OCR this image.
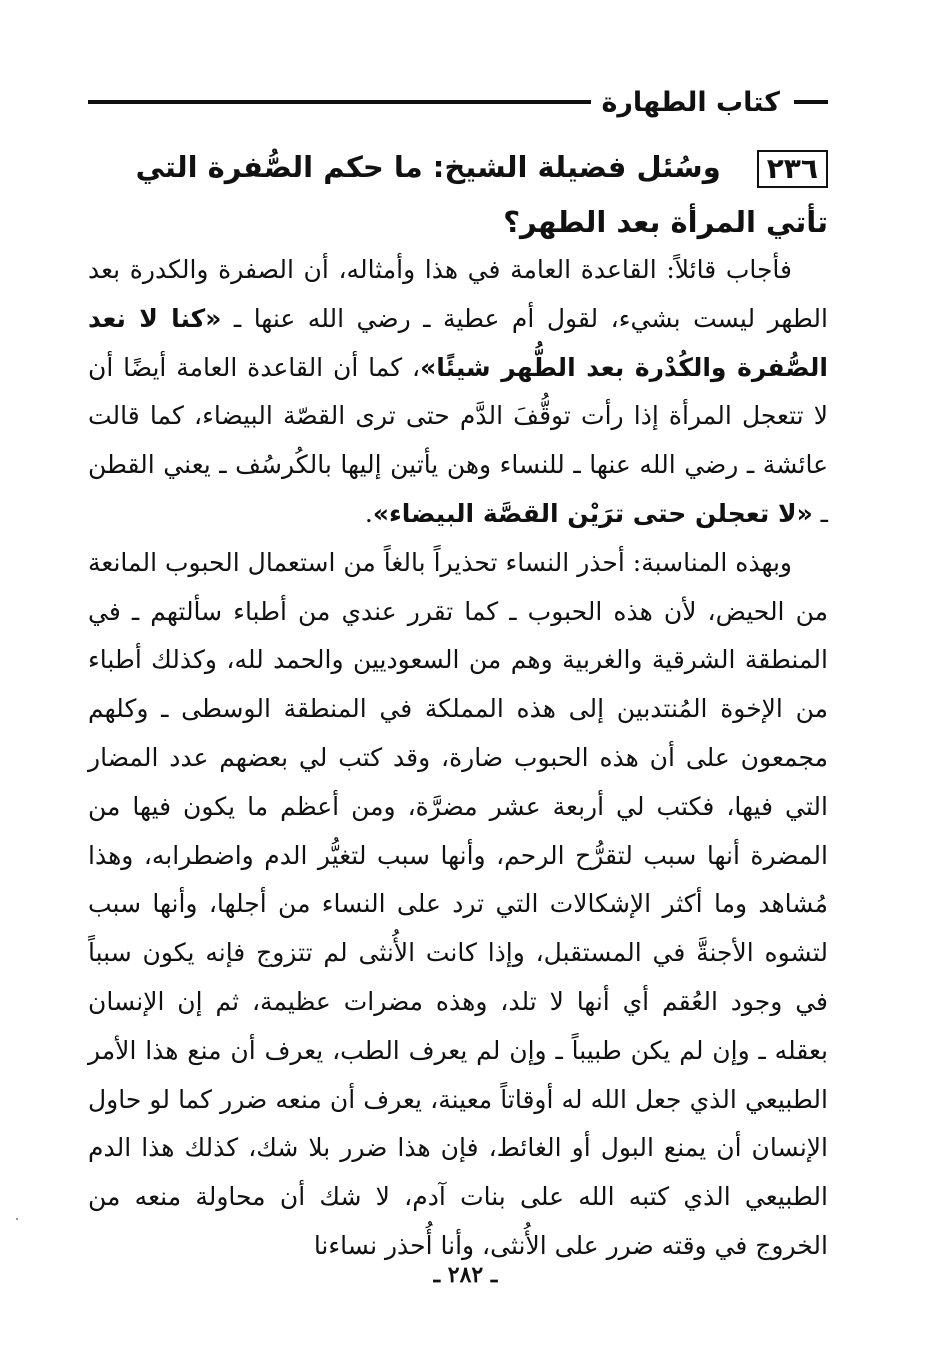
كتاب الطهارة
٢٣٦وسُئل فضيلة الشيخ: ما حكم الصُّفرة التي تأتي المرأة بعد الطهر؟

فأجاب قائلاً: القاعدة العامة في هذا وأمثاله، أن الصفرة والكدرة بعد الطهر ليست بشيء، لقول أم عطية ـ رضي الله عنها ـ «كنا لا نعد الصُّفرة والكُدْرة بعد الطُّهر شيئًا»، كما أن القاعدة العامة أيضًا أن لا تتعجل المرأة إذا رأت توقُّفَ الدَّم حتى ترى القصّة البيضاء، كما قالت عائشة ـ رضي الله عنها ـ للنساء وهن يأتين إليها بالكُرسُف ـ يعني القطن ـ «لا تعجلن حتى ترَيْن القصَّة البيضاء».

وبهذه المناسبة: أحذر النساء تحذيراً بالغاً من استعمال الحبوب المانعة من الحيض، لأن هذه الحبوب ـ كما تقرر عندي من أطباء سألتهم ـ في المنطقة الشرقية والغربية وهم من السعوديين والحمد لله، وكذلك أطباء من الإخوة المُنتدبين إلى هذه المملكة في المنطقة الوسطى ـ وكلهم مجمعون على أن هذه الحبوب ضارة، وقد كتب لي بعضهم عدد المضار التي فيها، فكتب لي أربعة عشر مضرَّة، ومن أعظم ما يكون فيها من المضرة أنها سبب لتقرُّح الرحم، وأنها سبب لتغيُّر الدم واضطرابه، وهذا مُشاهد وما أكثر الإشكالات التي ترد على النساء من أجلها، وأنها سبب لتشوه الأجنةَّ في المستقبل، وإذا كانت الأُنثى لم تتزوج فإنه يكون سبباً في وجود العُقم أي أنها لا تلد، وهذه مضرات عظيمة، ثم إن الإنسان بعقله ـ وإن لم يكن طبيباً ـ وإن لم يعرف الطب، يعرف أن منع هذا الأمر الطبيعي الذي جعل الله له أوقاتاً معينة، يعرف أن منعه ضرر كما لو حاول الإنسان أن يمنع البول أو الغائط، فإن هذا ضرر بلا شك، كذلك هذا الدم الطبيعي الذي كتبه الله على بنات آدم، لا شك أن محاولة منعه من الخروج في وقته ضرر على الأُنثى، وأنا أُحذر نساءنا

ـ ٢٨٢ ـ
